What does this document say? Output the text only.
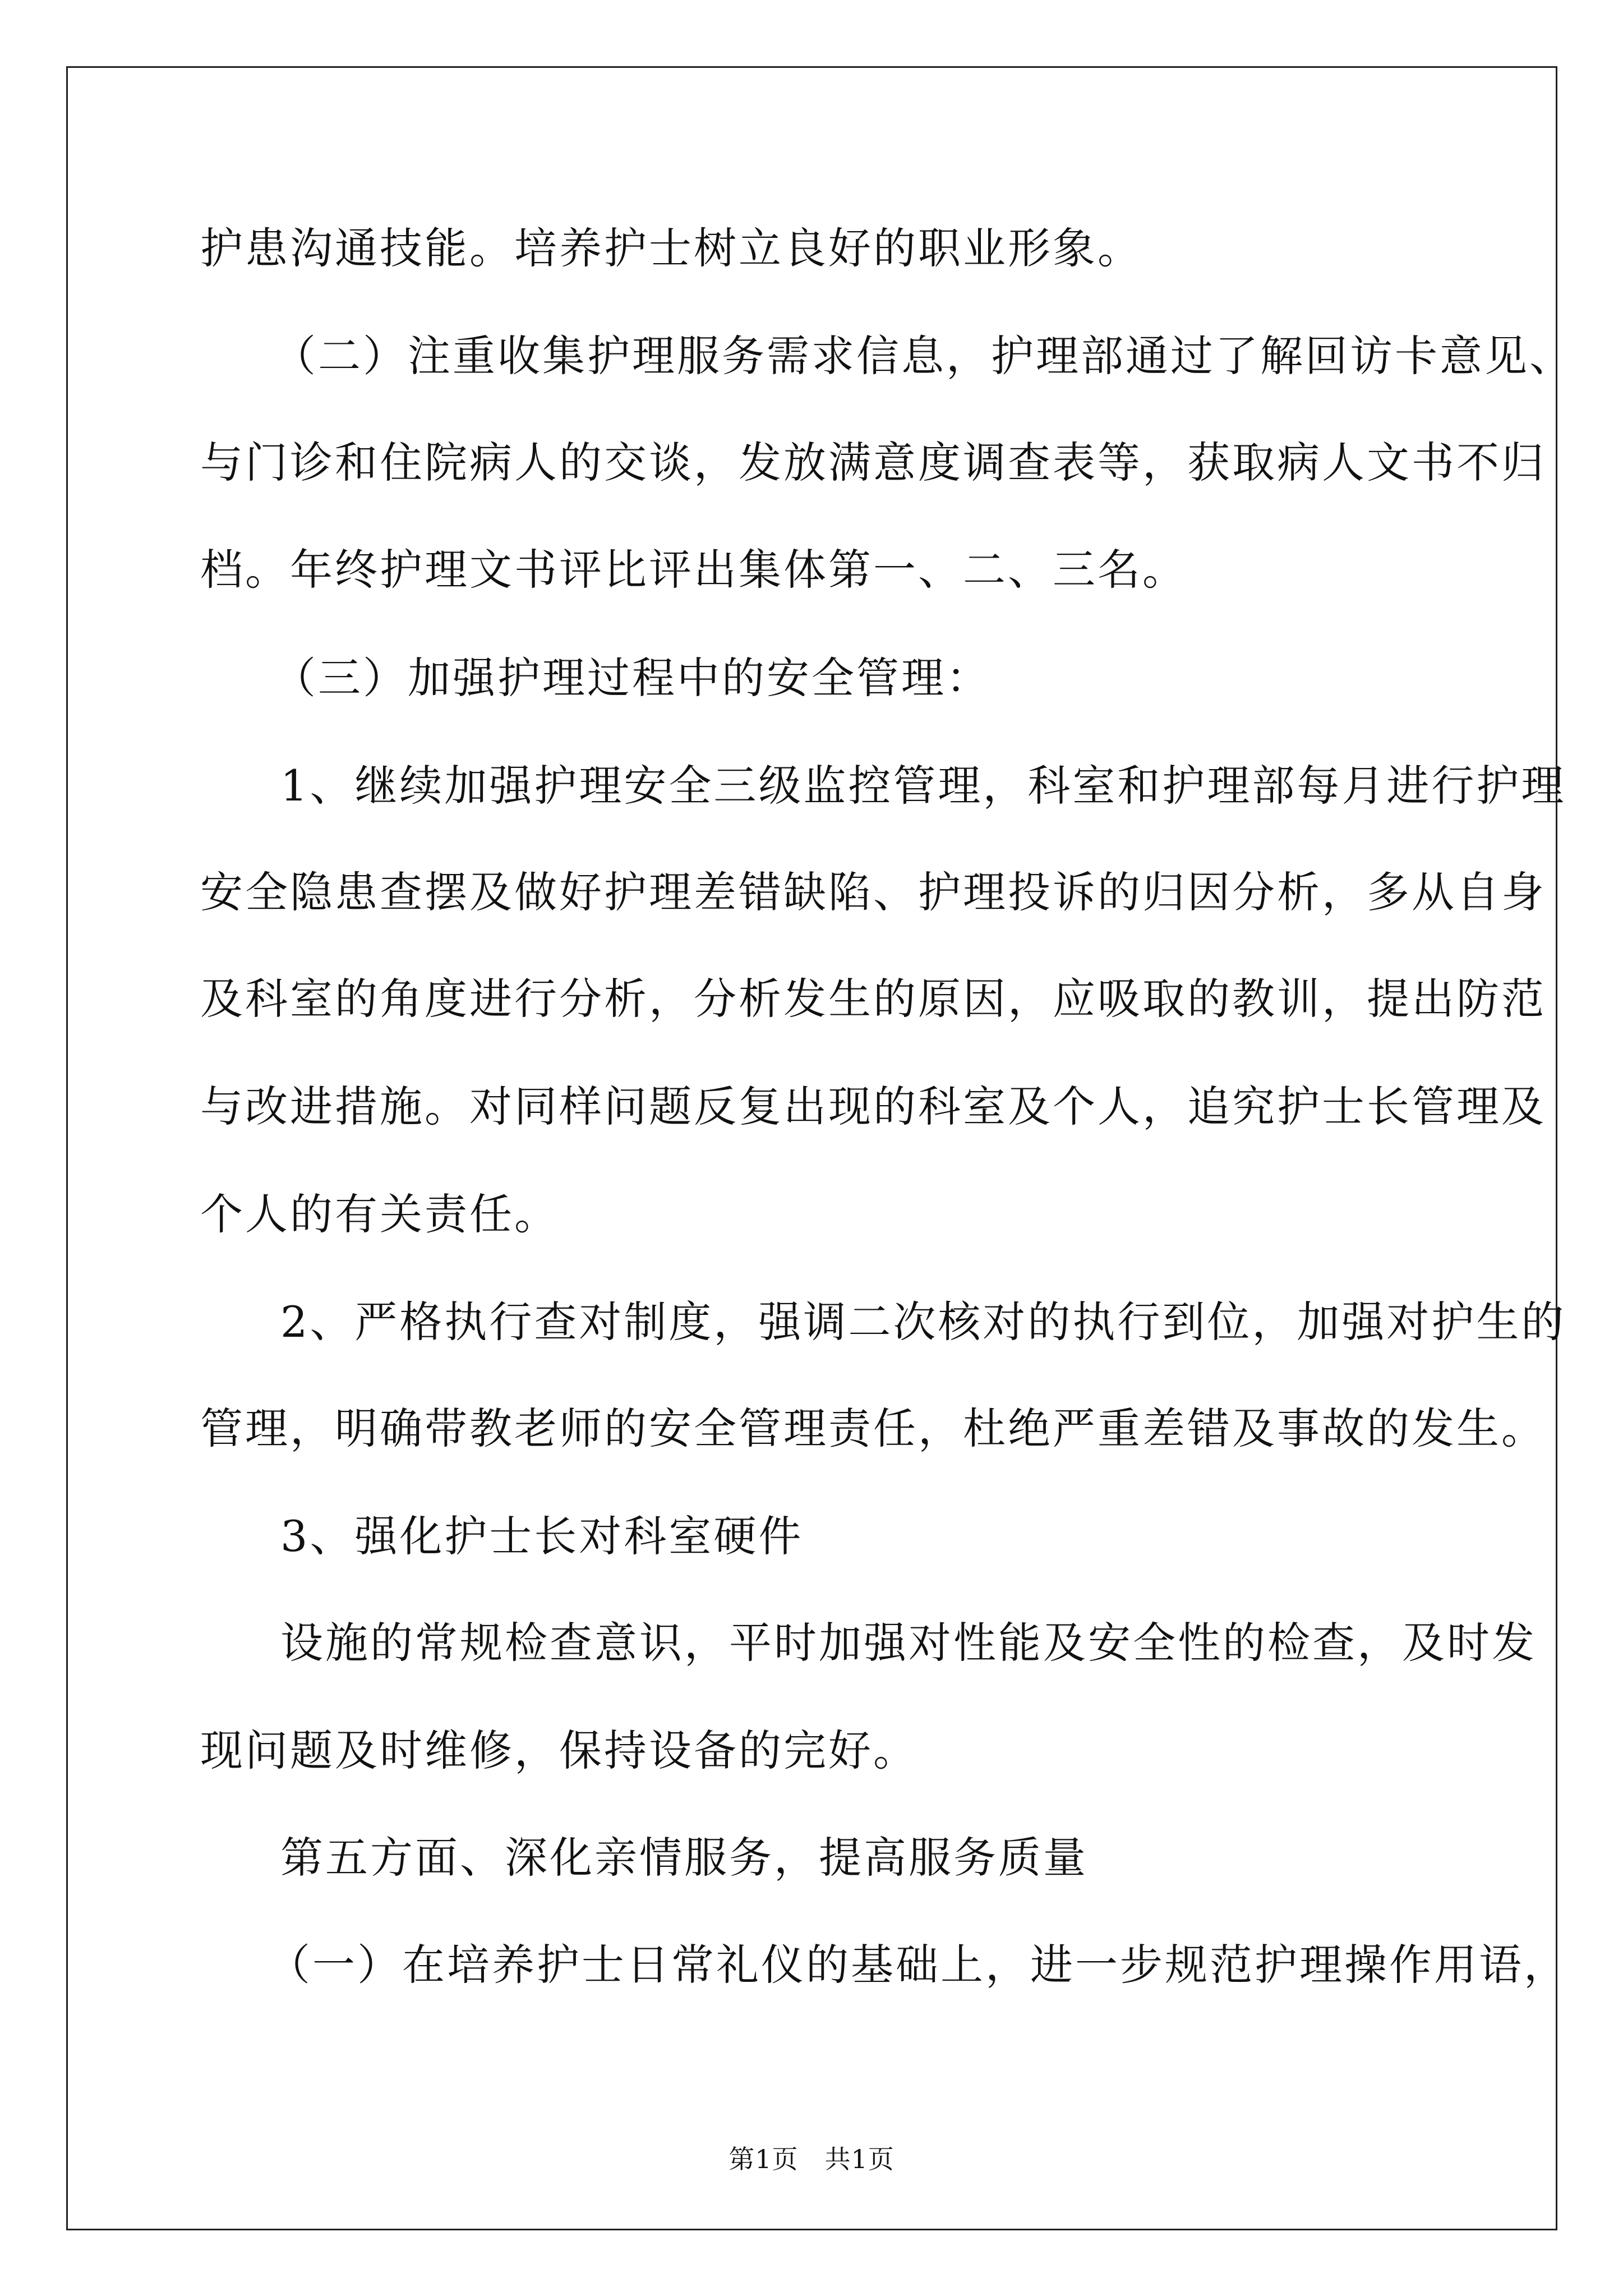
护患沟通技能。培养护士树立良好的职业形象。
（二）注重收集护理服务需求信息，护理部通过了解回访卡意见、
与门诊和住院病人的交谈，发放满意度调查表等，获取病人文书不归
档。年终护理文书评比评出集体第一、二、三名。
（三）加强护理过程中的安全管理：
1、继续加强护理安全三级监控管理，科室和护理部每月进行护理
安全隐患查摆及做好护理差错缺陷、护理投诉的归因分析，多从自身
及科室的角度进行分析，分析发生的原因，应吸取的教训，提出防范
与改进措施。对同样问题反复出现的科室及个人，追究护士长管理及
个人的有关责任。
2、严格执行查对制度，强调二次核对的执行到位，加强对护生的
管理，明确带教老师的安全管理责任，杜绝严重差错及事故的发生。
3、强化护士长对科室硬件
设施的常规检查意识，平时加强对性能及安全性的检查，及时发
现问题及时维修，保持设备的完好。
第五方面、深化亲情服务，提高服务质量
（一）在培养护士日常礼仪的基础上，进一步规范护理操作用语，
第1页　共1页
